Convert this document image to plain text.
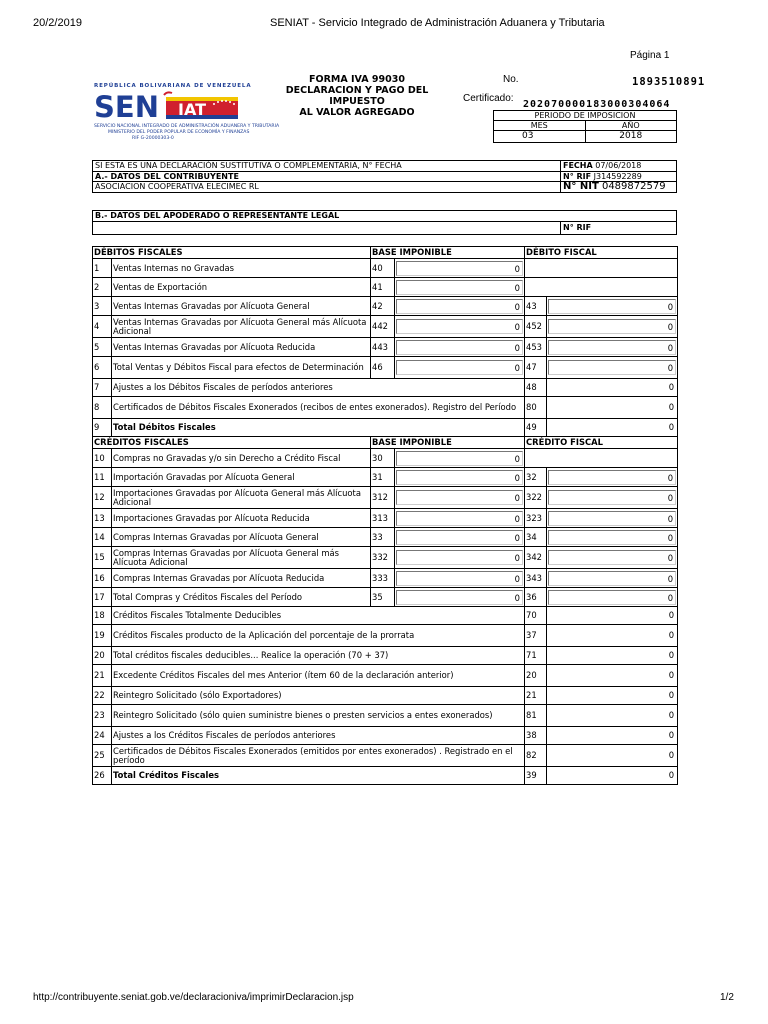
20/2/2019	SENIAT - Servicio Integrado de Administración Aduanera y Tributaria
http://contribuyente.seniat.gob.ve/declaracioniva/imprimirDeclaracion.jsp	1/2
Página 1
REPÚBLICA BOLIVARIANA DE VENEZUELA
SEN IAT
SERVICIO NACIONAL INTEGRADO DE ADMINISTRACIÓN ADUANERA Y TRIBUTARIA
MINISTERIO DEL PODER POPULAR DE ECONOMÍA Y FINANZAS
RIF G-20000303-0
FORMA IVA 99030
DECLARACION Y PAGO DEL
IMPUESTO
AL VALOR AGREGADO
No.	1893510891
Certificado:
20207000018300030406​4
PERIODO DE IMPOSICION	
MES	AÑO
03	2018
SI ESTA ES UNA DECLARACIÓN SUSTITUTIVA O COMPLEMENTARIA, N° FECHA	FECHA 07/06/2018
A.- DATOS DEL CONTRIBUYENTE	N° RIF J314592289
ASOCIACION COOPERATIVA ELECIMEC RL	N° NIT 0489872579
B.- DATOS DEL APODERADO O REPRESENTANTE LEGAL
	N° RIF
DÉBITOS FISCALES		BASE IMPONIBLE		DÉBITO FISCAL	
1	Ventas Internas no Gravadas	40	0		

2	Ventas de Exportación	41	0		

3	Ventas Internas Gravadas por Alícuota General	42	0	43	0

4	Ventas Internas Gravadas por Alícuota General más Alícuota Adicional	442	0	452	0

5	Ventas Internas Gravadas por Alícuota Reducida	443	0	453	0

6	Total Ventas y Débitos Fiscal para efectos de Determinación	46	0	47	0

7	Ajustes a los Débitos Fiscales de períodos anteriores			48	0
8	Certificados de Débitos Fiscales Exonerados (recibos de entes exonerados). Registro del Período			80	0
9	Total Débitos Fiscales			49	0
CRÉDITOS FISCALES		BASE IMPONIBLE		CRÉDITO FISCAL	
10	Compras no Gravadas y/o sin Derecho a Crédito Fiscal	30	0		

11	Importación Gravadas por Alícuota General	31	0	32	0

12	Importaciones Gravadas por Alícuota General más Alícuota Adicional	312	0	322	0

13	Importaciones Gravadas por Alícuota Reducida	313	0	323	0

14	Compras Internas Gravadas por Alícuota General	33	0	34	0

15	Compras Internas Gravadas por Alícuota General más Alícuota Adicional	332	0	342	0

16	Compras Internas Gravadas por Alícuota Reducida	333	0	343	0

17	Total Compras y Créditos Fiscales del Período	35	0	36	0

18	Créditos Fiscales Totalmente Deducibles			70	0
19	Créditos Fiscales producto de la Aplicación del porcentaje de la prorrata			37	0
20	Total créditos fiscales deducibles... Realice la operación (70 + 37)			71	0
21	Excedente Créditos Fiscales del mes Anterior (ítem 60 de la declaración anterior)			20	0
22	Reintegro Solicitado (sólo Exportadores)			21	0
23	Reintegro Solicitado (sólo quien suministre bienes o presten servicios a entes exonerados)			81	0
24	Ajustes a los Créditos Fiscales de períodos anteriores			38	0
25	Certificados de Débitos Fiscales Exonerados (emitidos por entes exonerados) . Registrado en el período			82	0
26	Total Créditos Fiscales			39	0
